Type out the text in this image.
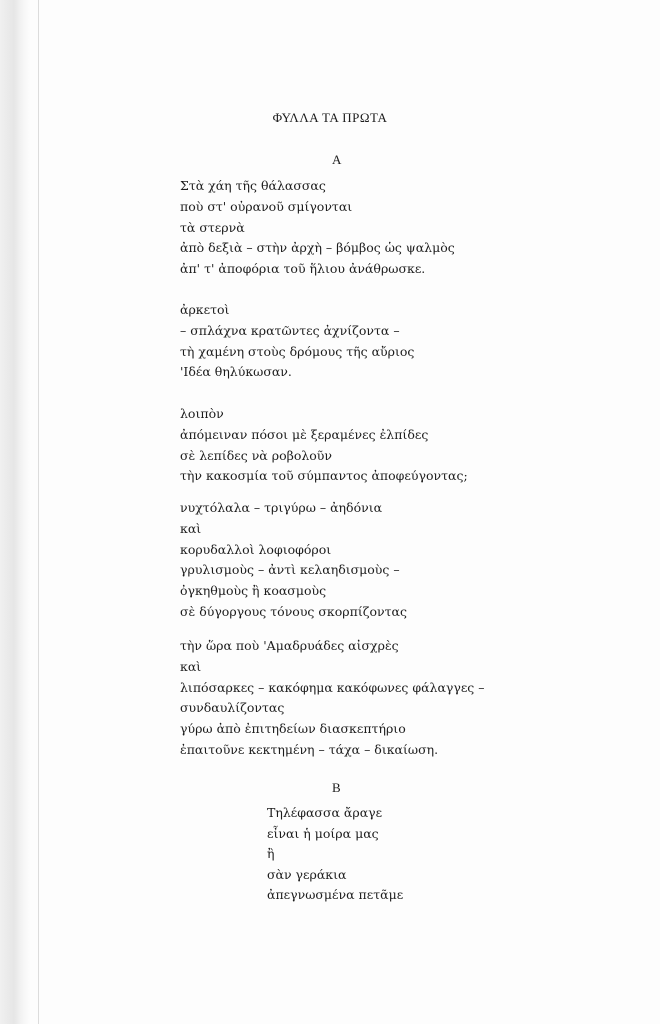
ΦΥΛΛΑ ΤΑ ΠΡΩΤΑ
Α
Στὰ χάη τῆς θάλασσας
ποὺ στ' οὐρανοῦ σμίγονται
τὰ στερνὰ
ἀπὸ δεξιὰ – στὴν ἀρχὴ – βόμβος ὡς ψαλμὸς
ἀπ' τ' ἀποφόρια τοῦ ἥλιου ἀνάθρωσκε.
ἀρκετοὶ
– σπλάχνα κρατῶντες ἀχνίζοντα –
τὴ χαμένη στοὺς δρόμους τῆς αὔριος
'Ιδέα θηλύκωσαν.
λοιπὸν
ἀπόμειναν πόσοι μὲ ξεραμένες ἐλπίδες
σὲ λεπίδες νὰ ροβολοῦν
τὴν κακοσμία τοῦ σύμπαντος ἀποφεύγοντας;
νυχτόλαλα – τριγύρω – ἀηδόνια
καὶ
κορυδαλλοὶ λοφιοφόροι
γρυλισμοὺς – ἀντὶ κελαηδισμοὺς –
ὀγκηθμοὺς ἢ κοασμοὺς
σὲ δύγοργους τόνους σκορπίζοντας
τὴν ὥρα ποὺ 'Αμαδρυάδες αἰσχρὲς
καὶ
λιπόσαρκες – κακόφημα κακόφωνες φάλαγγες –
συνδαυλίζοντας
γύρω ἀπὸ ἐπιτηδείων διασκεπτήριο
ἐπαιτοῦνε κεκτημένη – τάχα – δικαίωση.
Β
Τηλέφασσα ἄραγε
εἶναι ἡ μοίρα μας
ἢ
σὰν γεράκια
ἀπεγνωσμένα πετᾶμε
